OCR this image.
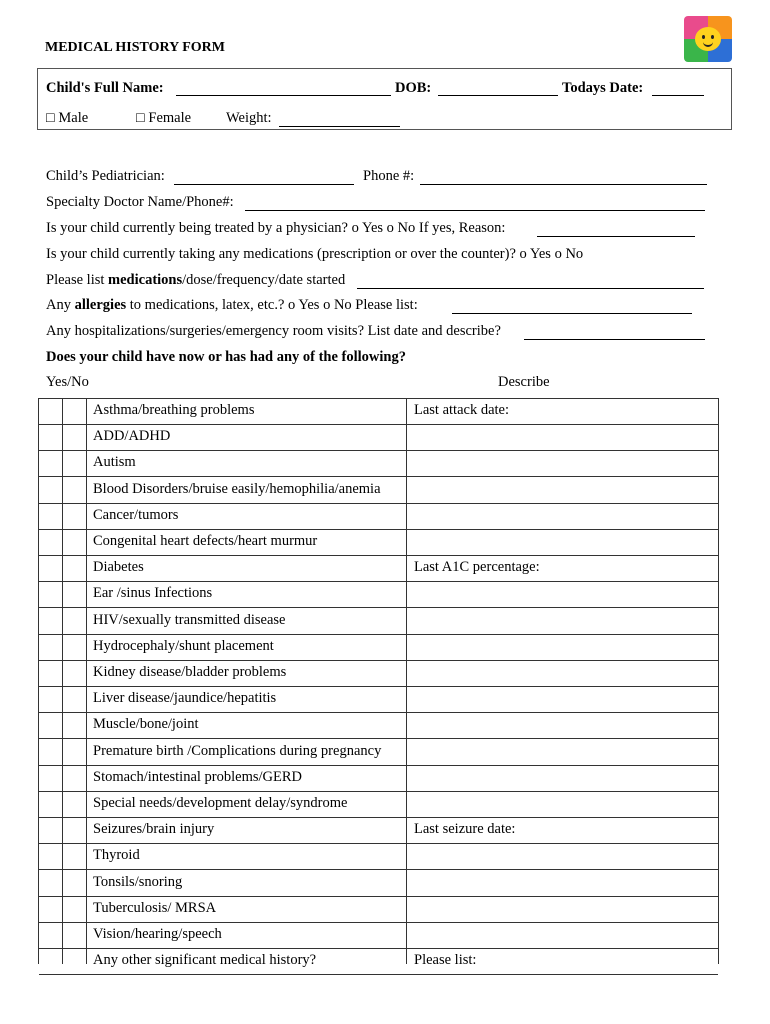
MEDICAL HISTORY FORM
Child's Full Name:	DOB:	Todays Date:
□ Male	□ Female Weight:
Child’s Pediatrician:	Phone #:
Specialty Doctor Name/Phone#:
Is your child currently being treated by a physician? o Yes o No If yes, Reason:
Is your child currently taking any medications (prescription or over the counter)? o Yes o No
Please list medications/dose/frequency/date started
Any allergies to medications, latex, etc.? o Yes o No Please list:
Any hospitalizations/surgeries/emergency room visits? List date and describe?
Does your child have now or has had any of the following?
Yes/No	Describe
Asthma/breathing problems	Last attack date:
ADD/ADHD
Autism
Blood Disorders/bruise easily/hemophilia/anemia
Cancer/tumors
Congenital heart defects/heart murmur
Diabetes	Last A1C percentage:
Ear /sinus Infections
HIV/sexually transmitted disease
Hydrocephaly/shunt placement
Kidney disease/bladder problems
Liver disease/jaundice/hepatitis
Muscle/bone/joint
Premature birth /Complications during pregnancy
Stomach/intestinal problems/GERD
Special needs/development delay/syndrome
Seizures/brain injury	Last seizure date:
Thyroid
Tonsils/snoring
Tuberculosis/ MRSA
Vision/hearing/speech
Any other significant medical history?	Please list:
